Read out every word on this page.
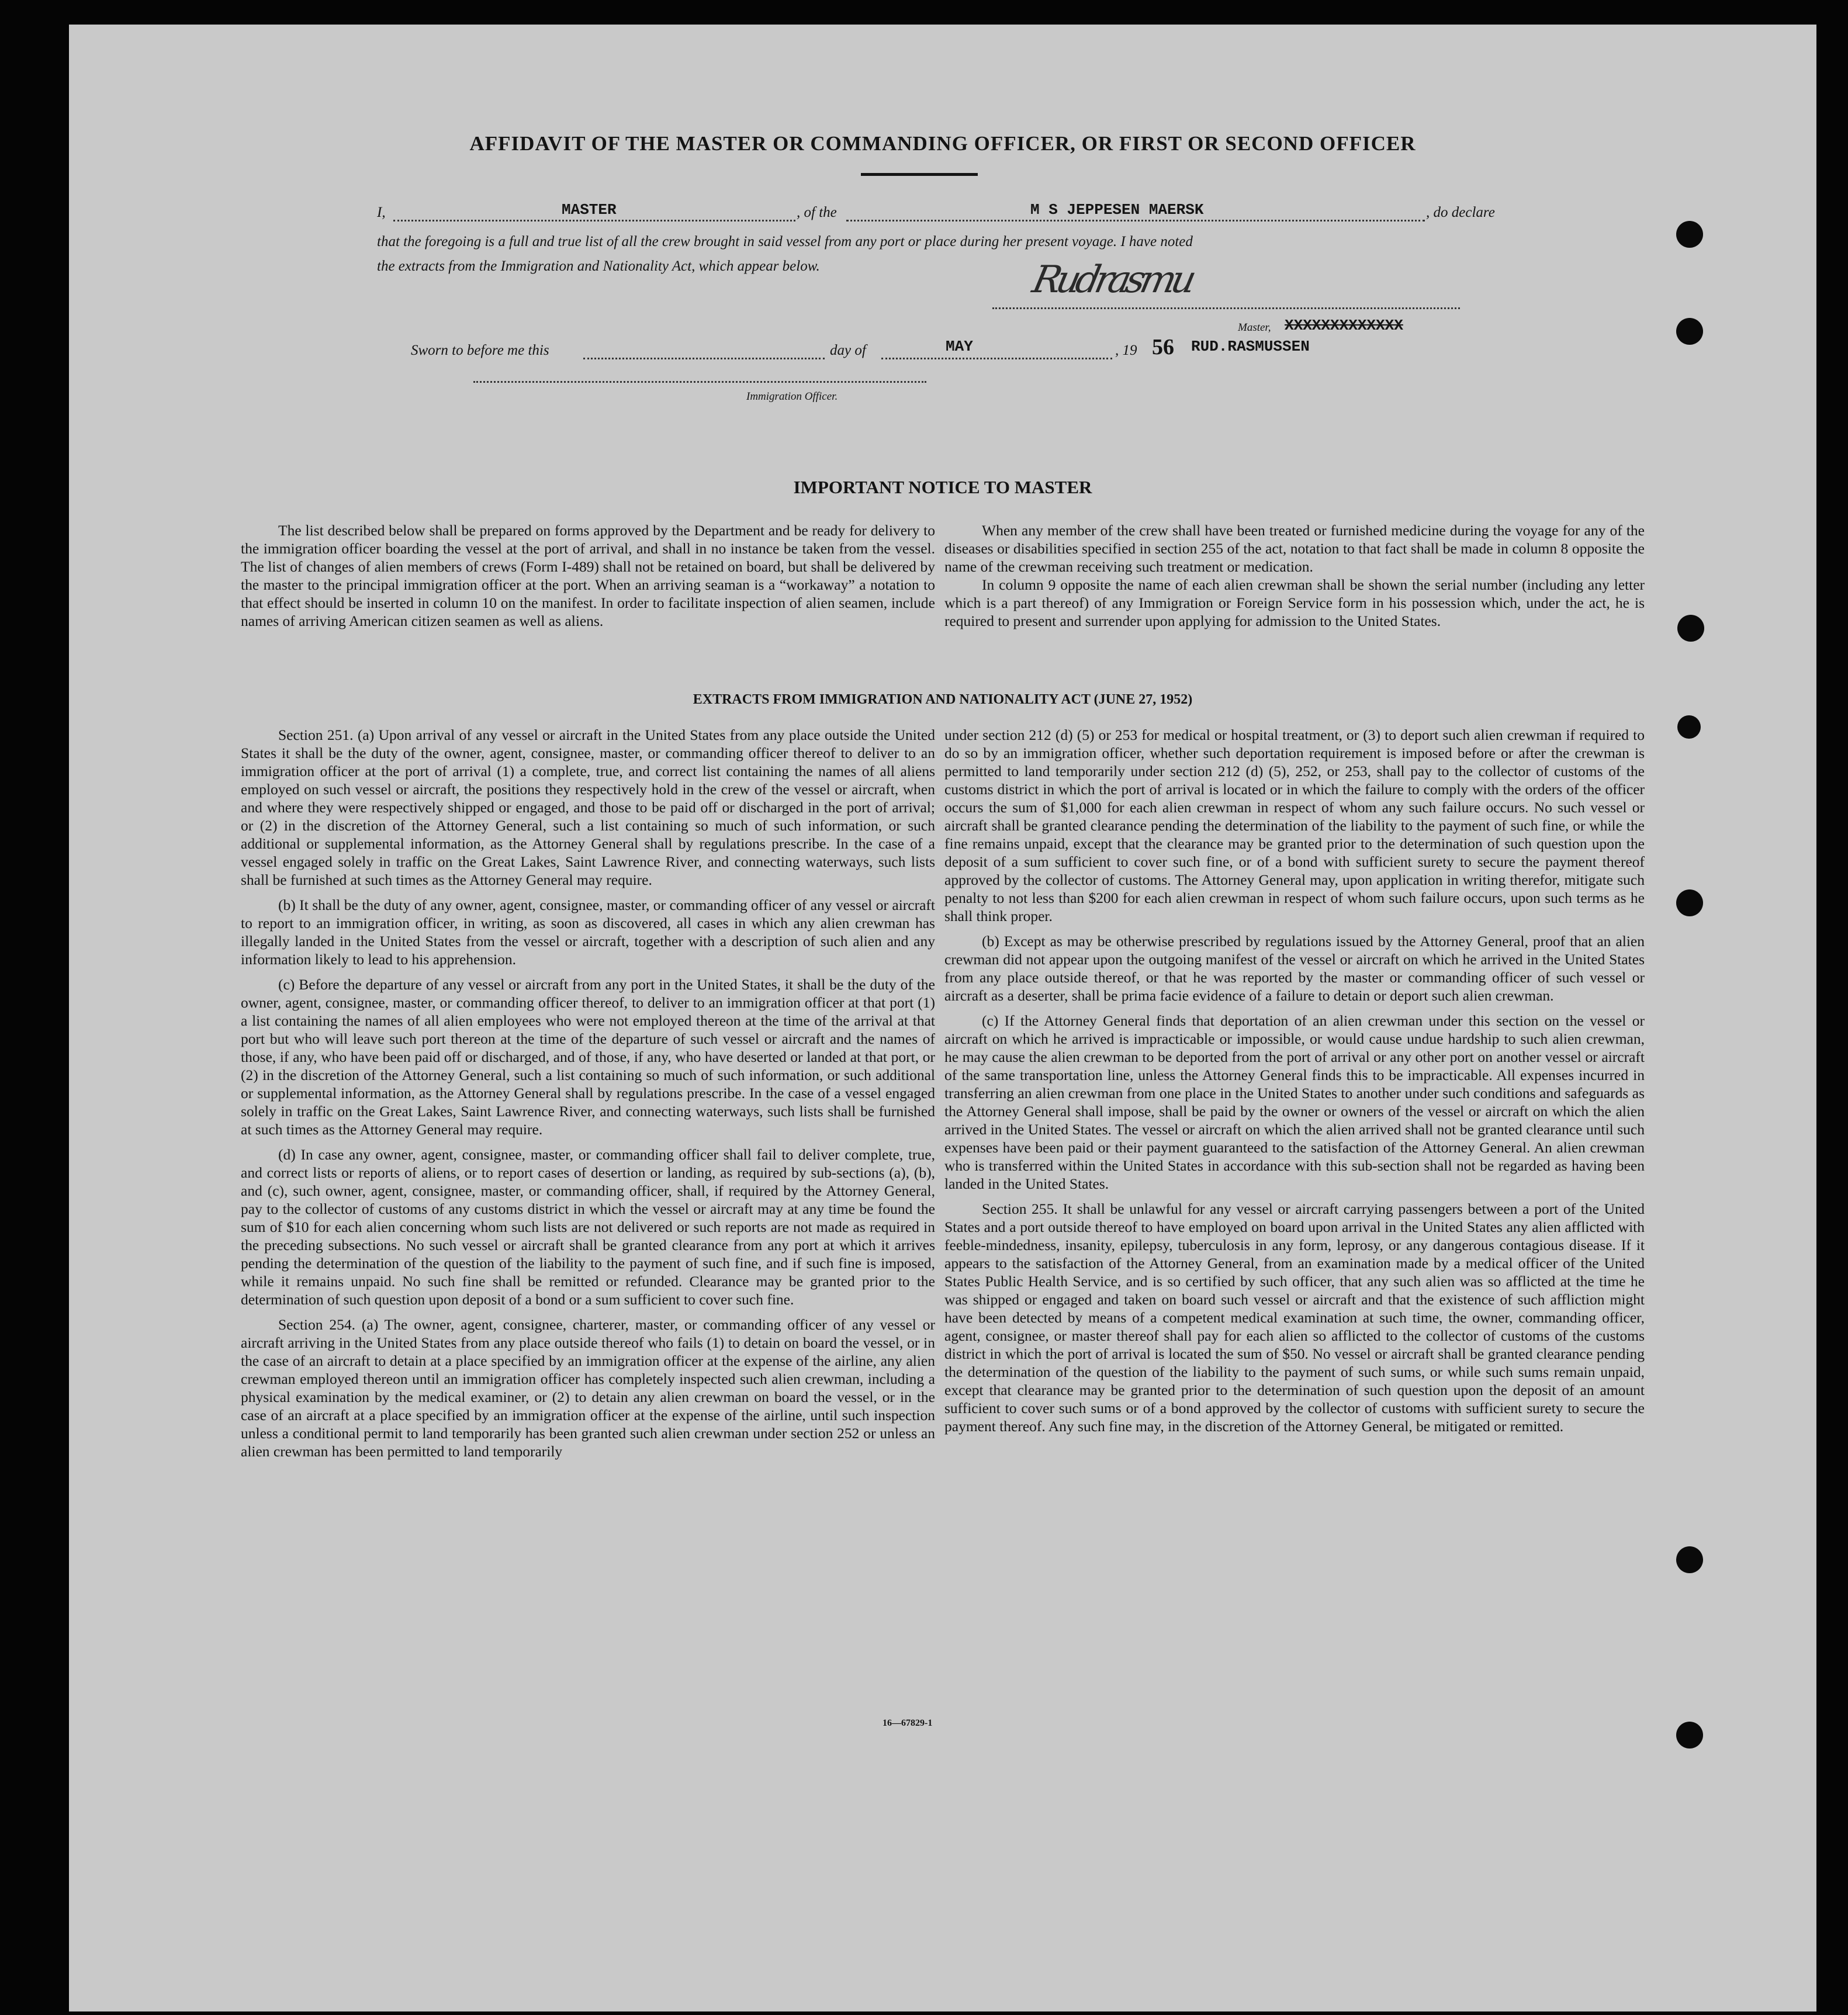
AFFIDAVIT OF THE MASTER OR COMMANDING OFFICER, OR FIRST OR SECOND OFFICER
I,	MASTER	, of the	M S JEPPESEN MAERSK	, do declare
that the foregoing is a full and true list of all the crew brought in said vessel from any port or place during her present voyage. I have noted
the extracts from the Immigration and Nationality Act, which appear below.	Rudrasmu
Master, XXXXXXXXXXXXX
Sworn to before me this	day of	MAY	, 19 56 RUD.RASMUSSEN
Immigration Officer.
IMPORTANT NOTICE TO MASTER

The list described below shall be prepared on forms approved by the Department and be ready for delivery to the immigration officer boarding the vessel at the port of arrival, and shall in no instance be taken from the vessel. The list of changes of alien members of crews (Form I-489) shall not be retained on board, but shall be delivered by the master to the principal immigration officer at the port. When an arriving seaman is a “workaway” a notation to that effect should be inserted in column 10 on the manifest. In order to facilitate inspection of alien seamen, include names of arriving American citizen seamen as well as aliens.

When any member of the crew shall have been treated or furnished medicine during the voyage for any of the diseases or disabilities specified in section 255 of the act, notation to that fact shall be made in column 8 opposite the name of the crewman receiving such treatment or medication.

In column 9 opposite the name of each alien crewman shall be shown the serial number (including any letter which is a part thereof) of any Immigration or Foreign Service form in his possession which, under the act, he is required to present and surrender upon applying for admission to the United States.

EXTRACTS FROM IMMIGRATION AND NATIONALITY ACT (JUNE 27, 1952)

Section 251. (a) Upon arrival of any vessel or aircraft in the United States from any place outside the United States it shall be the duty of the owner, agent, consignee, master, or commanding officer thereof to deliver to an immigration officer at the port of arrival (1) a complete, true, and correct list containing the names of all aliens employed on such vessel or aircraft, the positions they respectively hold in the crew of the vessel or aircraft, when and where they were respectively shipped or engaged, and those to be paid off or discharged in the port of arrival; or (2) in the discretion of the Attorney General, such a list containing so much of such information, or such additional or supplemental information, as the Attorney General shall by regulations prescribe. In the case of a vessel engaged solely in traffic on the Great Lakes, Saint Lawrence River, and connecting waterways, such lists shall be furnished at such times as the Attorney General may require.

(b) It shall be the duty of any owner, agent, consignee, master, or commanding officer of any vessel or aircraft to report to an immigration officer, in writing, as soon as discovered, all cases in which any alien crewman has illegally landed in the United States from the vessel or aircraft, together with a description of such alien and any information likely to lead to his apprehension.

(c) Before the departure of any vessel or aircraft from any port in the United States, it shall be the duty of the owner, agent, consignee, master, or commanding officer thereof, to deliver to an immigration officer at that port (1) a list containing the names of all alien employees who were not employed thereon at the time of the arrival at that port but who will leave such port thereon at the time of the departure of such vessel or aircraft and the names of those, if any, who have been paid off or discharged, and of those, if any, who have deserted or landed at that port, or (2) in the discretion of the Attorney General, such a list containing so much of such information, or such additional or supplemental information, as the Attorney General shall by regulations prescribe. In the case of a vessel engaged solely in traffic on the Great Lakes, Saint Lawrence River, and connecting waterways, such lists shall be furnished at such times as the Attorney General may require.

(d) In case any owner, agent, consignee, master, or commanding officer shall fail to deliver complete, true, and correct lists or reports of aliens, or to report cases of desertion or landing, as required by sub-sections (a), (b), and (c), such owner, agent, consignee, master, or commanding officer, shall, if required by the Attorney General, pay to the collector of customs of any customs district in which the vessel or aircraft may at any time be found the sum of $10 for each alien concerning whom such lists are not delivered or such reports are not made as required in the preceding subsections. No such vessel or aircraft shall be granted clearance from any port at which it arrives pending the determination of the question of the liability to the payment of such fine, and if such fine is imposed, while it remains unpaid. No such fine shall be remitted or refunded. Clearance may be granted prior to the determination of such question upon deposit of a bond or a sum sufficient to cover such fine.

Section 254. (a) The owner, agent, consignee, charterer, master, or commanding officer of any vessel or aircraft arriving in the United States from any place outside thereof who fails (1) to detain on board the vessel, or in the case of an aircraft to detain at a place specified by an immigration officer at the expense of the airline, any alien crewman employed thereon until an immigration officer has completely inspected such alien crewman, including a physical examination by the medical examiner, or (2) to detain any alien crewman on board the vessel, or in the case of an aircraft at a place specified by an immigration officer at the expense of the airline, until such inspection unless a conditional permit to land temporarily has been granted such alien crewman under section 252 or unless an alien crewman has been permitted to land temporarily

under section 212 (d) (5) or 253 for medical or hospital treatment, or (3) to deport such alien crewman if required to do so by an immigration officer, whether such deportation requirement is imposed before or after the crewman is permitted to land temporarily under section 212 (d) (5), 252, or 253, shall pay to the collector of customs of the customs district in which the port of arrival is located or in which the failure to comply with the orders of the officer occurs the sum of $1,000 for each alien crewman in respect of whom any such failure occurs. No such vessel or aircraft shall be granted clearance pending the determination of the liability to the payment of such fine, or while the fine remains unpaid, except that the clearance may be granted prior to the determination of such question upon the deposit of a sum sufficient to cover such fine, or of a bond with sufficient surety to secure the payment thereof approved by the collector of customs. The Attorney General may, upon application in writing therefor, mitigate such penalty to not less than $200 for each alien crewman in respect of whom such failure occurs, upon such terms as he shall think proper.

(b) Except as may be otherwise prescribed by regulations issued by the Attorney General, proof that an alien crewman did not appear upon the outgoing manifest of the vessel or aircraft on which he arrived in the United States from any place outside thereof, or that he was reported by the master or commanding officer of such vessel or aircraft as a deserter, shall be prima facie evidence of a failure to detain or deport such alien crewman.

(c) If the Attorney General finds that deportation of an alien crewman under this section on the vessel or aircraft on which he arrived is impracticable or impossible, or would cause undue hardship to such alien crewman, he may cause the alien crewman to be deported from the port of arrival or any other port on another vessel or aircraft of the same transportation line, unless the Attorney General finds this to be impracticable. All expenses incurred in transferring an alien crewman from one place in the United States to another under such conditions and safeguards as the Attorney General shall impose, shall be paid by the owner or owners of the vessel or aircraft on which the alien arrived in the United States. The vessel or aircraft on which the alien arrived shall not be granted clearance until such expenses have been paid or their payment guaranteed to the satisfaction of the Attorney General. An alien crewman who is transferred within the United States in accordance with this sub-section shall not be regarded as having been landed in the United States.

Section 255. It shall be unlawful for any vessel or aircraft carrying passengers between a port of the United States and a port outside thereof to have employed on board upon arrival in the United States any alien afflicted with feeble-mindedness, insanity, epilepsy, tuberculosis in any form, leprosy, or any dangerous contagious disease. If it appears to the satisfaction of the Attorney General, from an examination made by a medical officer of the United States Public Health Service, and is so certified by such officer, that any such alien was so afflicted at the time he was shipped or engaged and taken on board such vessel or aircraft and that the existence of such affliction might have been detected by means of a competent medical examination at such time, the owner, commanding officer, agent, consignee, or master thereof shall pay for each alien so afflicted to the collector of customs of the customs district in which the port of arrival is located the sum of $50. No vessel or aircraft shall be granted clearance pending the determination of the question of the liability to the payment of such sums, or while such sums remain unpaid, except that clearance may be granted prior to the determination of such question upon the deposit of an amount sufficient to cover such sums or of a bond approved by the collector of customs with sufficient surety to secure the payment thereof. Any such fine may, in the discretion of the Attorney General, be mitigated or remitted.

16—67829-1
